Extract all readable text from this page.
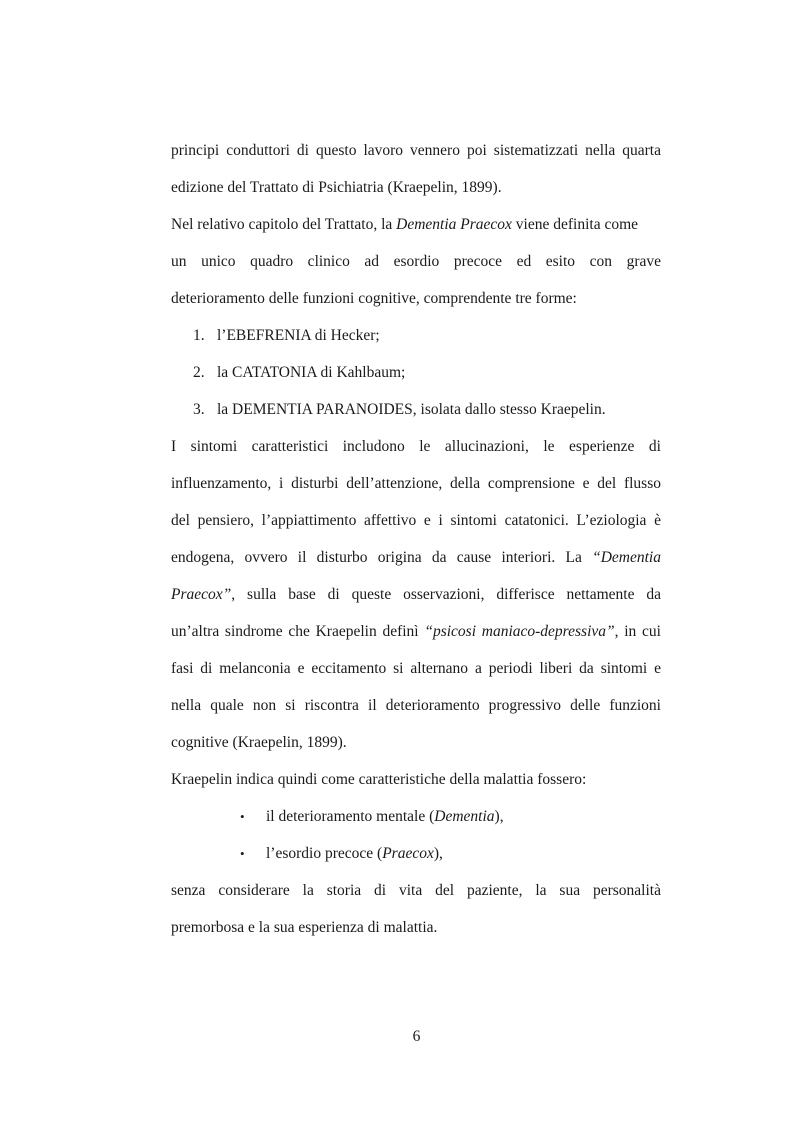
principi conduttori di questo lavoro vennero poi sistematizzati nella quarta
edizione del Trattato di Psichiatria (Kraepelin, 1899).
Nel relativo capitolo del Trattato, la Dementia Praecox viene definita come
un unico quadro clinico ad esordio precoce ed esito con grave
deterioramento delle funzioni cognitive, comprendente tre forme:
1. l’EBEFRENIA di Hecker;
2. la CATATONIA di Kahlbaum;
3. la DEMENTIA PARANOIDES, isolata dallo stesso Kraepelin.
I sintomi caratteristici includono le allucinazioni, le esperienze di
influenzamento, i disturbi dell’attenzione, della comprensione e del flusso
del pensiero, l’appiattimento affettivo e i sintomi catatonici. L’eziologia è
endogena, ovvero il disturbo origina da cause interiori. La “Dementia
Praecox”, sulla base di queste osservazioni, differisce nettamente da
un’altra sindrome che Kraepelin definì “psicosi maniaco-depressiva”, in cui
fasi di melanconia e eccitamento si alternano a periodi liberi da sintomi e
nella quale non si riscontra il deterioramento progressivo delle funzioni
cognitive (Kraepelin, 1899).
Kraepelin indica quindi come caratteristiche della malattia fossero:
• il deterioramento mentale (Dementia),
• l’esordio precoce (Praecox),
senza considerare la storia di vita del paziente, la sua personalità
premorbosa e la sua esperienza di malattia.
6
